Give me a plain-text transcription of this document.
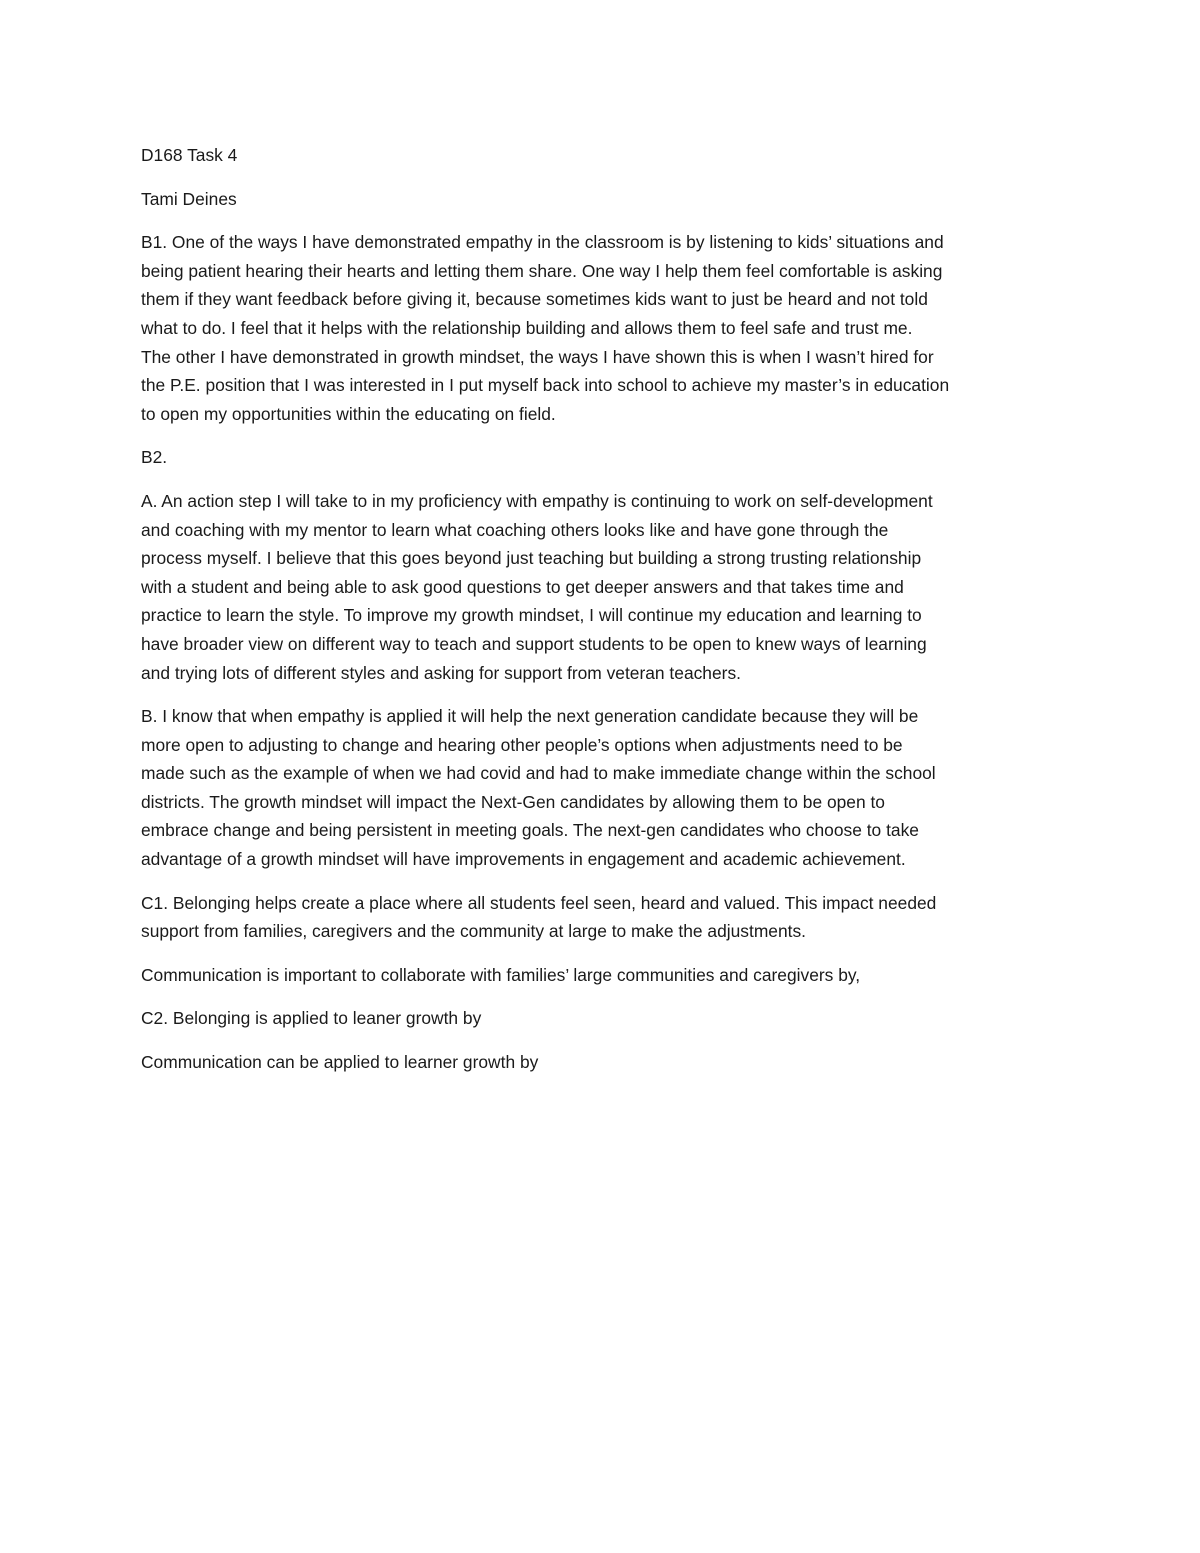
D168 Task 4

Tami Deines

B1. One of the ways I have demonstrated empathy in the classroom is by listening to kids’ situations and
being patient hearing their hearts and letting them share. One way I help them feel comfortable is asking
them if they want feedback before giving it, because sometimes kids want to just be heard and not told
what to do. I feel that it helps with the relationship building and allows them to feel safe and trust me.
The other I have demonstrated in growth mindset, the ways I have shown this is when I wasn’t hired for
the P.E. position that I was interested in I put myself back into school to achieve my master’s in education
to open my opportunities within the educating on field.

B2.

A. An action step I will take to in my proficiency with empathy is continuing to work on self-development
and coaching with my mentor to learn what coaching others looks like and have gone through the
process myself. I believe that this goes beyond just teaching but building a strong trusting relationship
with a student and being able to ask good questions to get deeper answers and that takes time and
practice to learn the style. To improve my growth mindset, I will continue my education and learning to
have broader view on different way to teach and support students to be open to knew ways of learning
and trying lots of different styles and asking for support from veteran teachers.

B. I know that when empathy is applied it will help the next generation candidate because they will be
more open to adjusting to change and hearing other people’s options when adjustments need to be
made such as the example of when we had covid and had to make immediate change within the school
districts. The growth mindset will impact the Next-Gen candidates by allowing them to be open to
embrace change and being persistent in meeting goals. The next-gen candidates who choose to take
advantage of a growth mindset will have improvements in engagement and academic achievement.

C1. Belonging helps create a place where all students feel seen, heard and valued. This impact needed
support from families, caregivers and the community at large to make the adjustments.

Communication is important to collaborate with families’ large communities and caregivers by,

C2. Belonging is applied to leaner growth by

Communication can be applied to learner growth by
